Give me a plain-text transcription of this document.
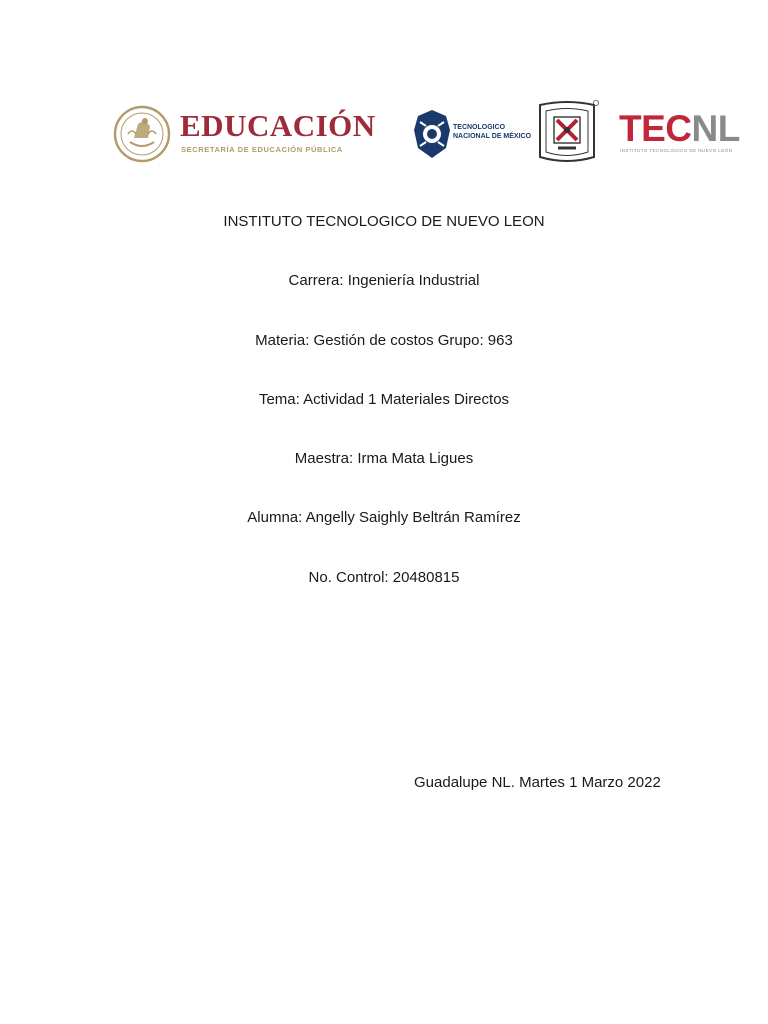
EDUCACIÓN
SECRETARÍA DE EDUCACIÓN PÚBLICA
TECNOLOGICO
NACIONAL DE MÉXICO TECNL
INSTITUTO TECNOLÓGICO DE NUEVO LEÓN
INSTITUTO TECNOLOGICO DE NUEVO LEON
Carrera: Ingeniería Industrial
Materia: Gestión de costos Grupo: 963
Tema: Actividad 1 Materiales Directos
Maestra: Irma Mata Ligues
Alumna: Angelly Saighly Beltrán Ramírez
No. Control: 20480815
Guadalupe NL. Martes 1 Marzo 2022
